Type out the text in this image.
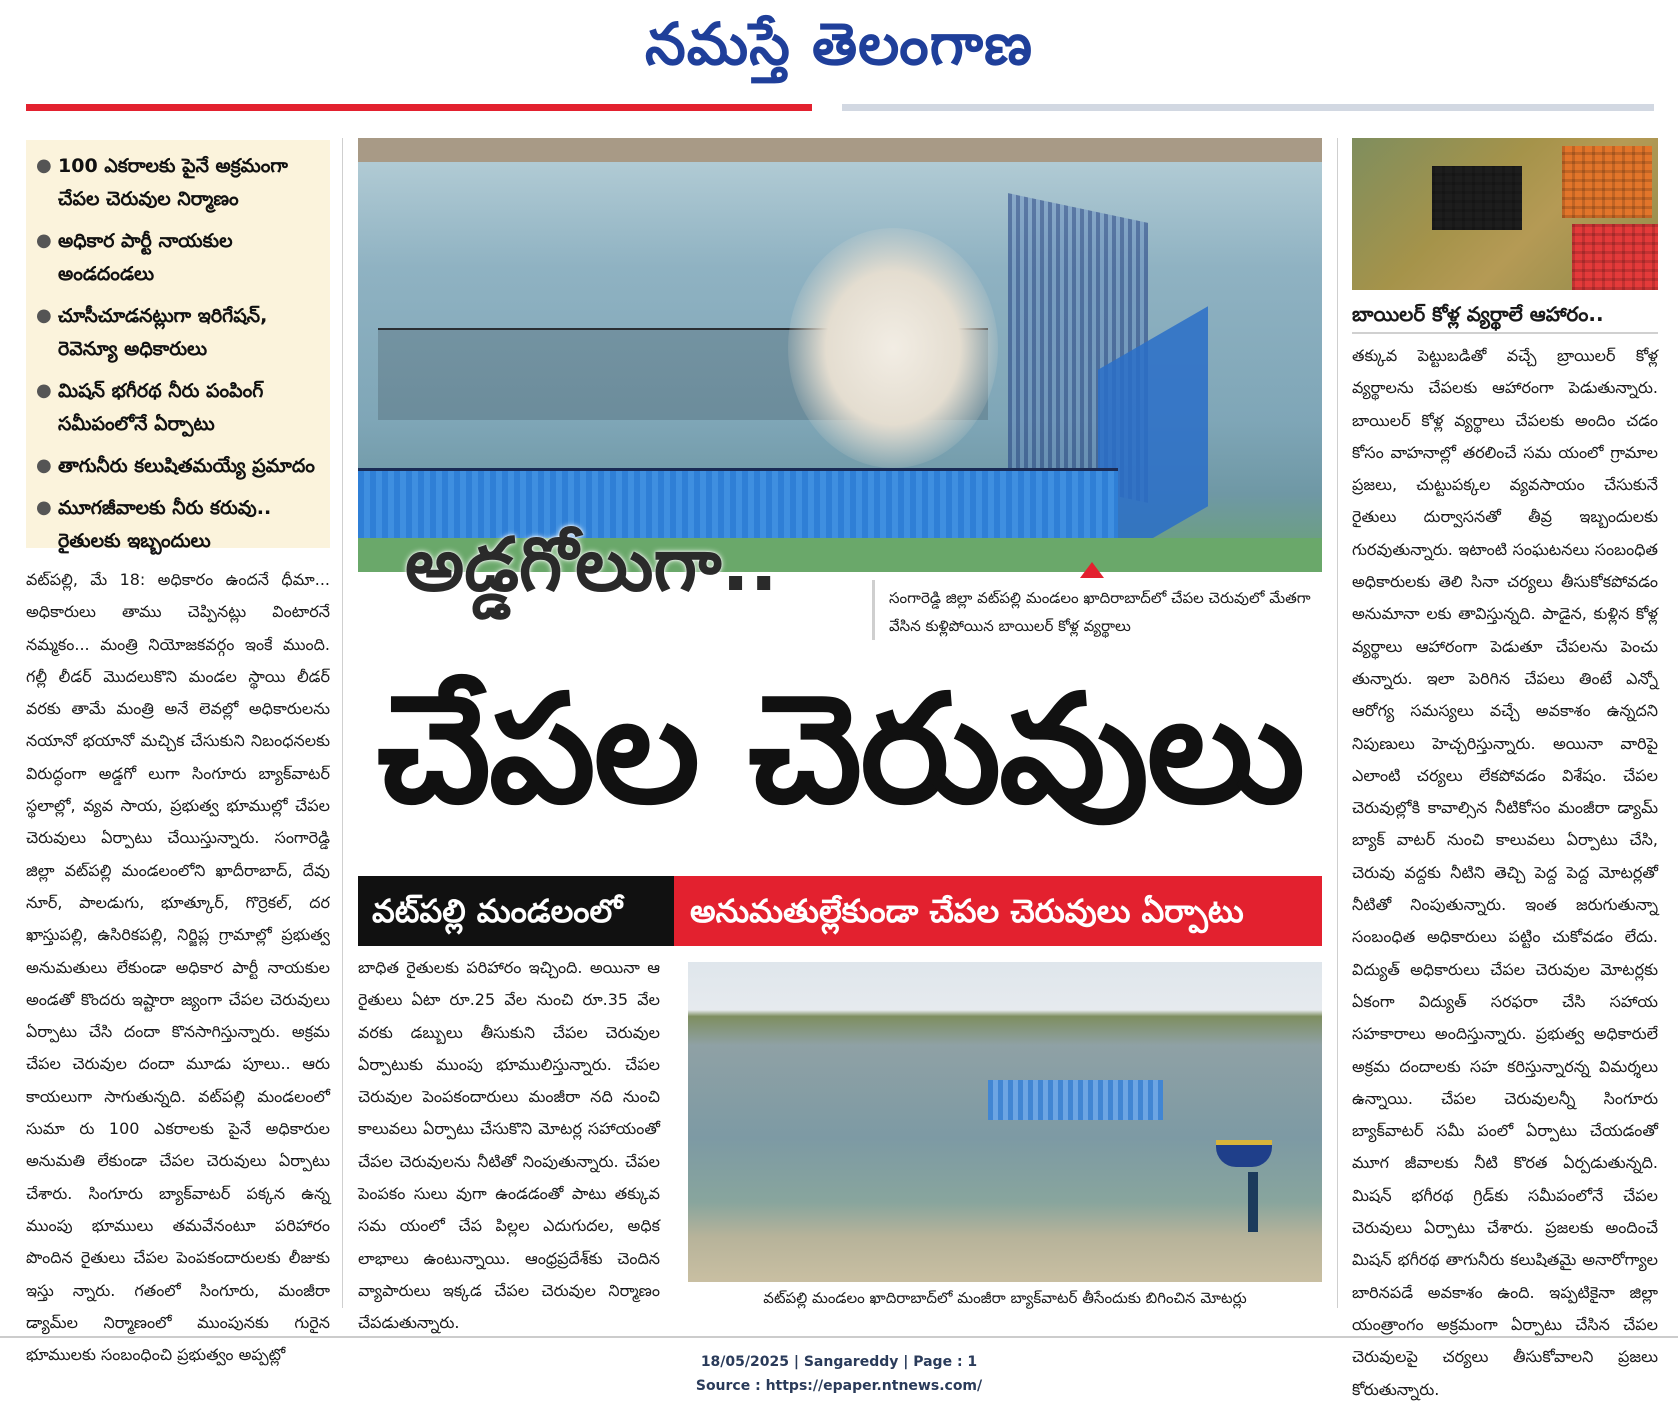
నమస్తే తెలంగాణ
● 100 ఎకరాలకు పైనే అక్రమంగా చేపల చెరువుల నిర్మాణం
● అధికార పార్టీ నాయకుల అండదండలు
● చూసీచూడనట్లుగా ఇరిగేషన్, రెవెన్యూ అధికారులు
● మిషన్ భగీరథ నీరు పంపింగ్ సమీపంలోనే ఏర్పాటు
● తాగునీరు కలుషితమయ్యే ప్రమాదం
● మూగజీవాలకు నీరు కరువు.. రైతులకు ఇబ్బందులు
వట్‌పల్లి, మే 18: అధికారం ఉందనే ధీమా... అధికారులు తాము చెప్పినట్లు వింటారనే నమ్మకం... మంత్రి నియోజకవర్గం ఇంకే ముంది. గల్లీ లీడర్ మొదలుకొని మండల స్థాయి లీడర్ వరకు తామే మంత్రి అనే లెవల్లో అధికారులను నయానో భయానో మచ్చిక చేసుకుని నిబంధనలకు విరుద్ధంగా అడ్డగో లుగా సింగూరు బ్యాక్‌వాటర్ స్థలాల్లో, వ్యవ సాయ, ప్రభుత్వ భూముల్లో చేపల చెరువులు ఏర్పాటు చేయిస్తున్నారు. సంగారెడ్డి జిల్లా వట్‌పల్లి మండలంలోని ఖాదీరాబాద్, దేవు నూర్, పాలడుగు, భూత్కూర్, గొర్రెకల్, దర ఖాస్తుపల్లి, ఉసిరికపల్లి, నిర్జిప్ల గ్రామాల్లో ప్రభుత్వ అనుమతులు లేకుండా అధికార పార్టీ నాయకుల అండతో కొందరు ఇష్టారా జ్యంగా చేపల చెరువులు ఏర్పాటు చేసి దందా కొనసాగిస్తున్నారు. అక్రమ చేపల చెరువుల దందా మూడు పూలు.. ఆరు కాయలుగా సాగుతున్నది. వట్‌పల్లి మండలంలో సుమా రు 100 ఎకరాలకు పైనే అధికారుల అనుమతి లేకుండా చేపల చెరువులు ఏర్పాటు చేశారు. సింగూరు బ్యాక్‌వాటర్ పక్కన ఉన్న ముంపు భూములు తమవేనంటూ పరిహారం పొందిన రైతులు చేపల పెంపకందారులకు లీజుకు ఇస్తు న్నారు. గతంలో సింగూరు, మంజీరా డ్యామ్‌ల నిర్మాణంలో ముంపునకు గురైన భూములకు సంబంధించి ప్రభుత్వం అప్పట్లో
అడ్డగోలుగా..	సంగారెడ్డి జిల్లా వట్‌పల్లి మండలం ఖాదిరాబాద్‌లో చేపల చెరువులో మేతగా వేసిన కుళ్లిపోయిన బాయిలర్ కోళ్ల వ్యర్థాలు
చేపల చెరువులు
వట్‌పల్లి మండలంలో	అనుమతుల్లేకుండా చేపల చెరువులు ఏర్పాటు
బాధిత రైతులకు పరిహారం ఇచ్చింది. అయినా ఆ రైతులు ఏటా రూ.25 వేల నుంచి రూ.35 వేల వరకు డబ్బులు తీసుకుని చేపల చెరువుల ఏర్పాటుకు ముంపు భూములిస్తున్నారు. చేపల చెరువుల పెంపకందారులు మంజీరా నది నుంచి కాలువలు ఏర్పాటు చేసుకొని మోటర్ల సహాయంతో చేపల చెరువులను నీటితో నింపుతున్నారు. చేపల పెంపకం సులు వుగా ఉండడంతో పాటు తక్కువ సమ యంలో చేప పిల్లల ఎదుగుదల, అధిక లాభాలు ఉంటున్నాయి. ఆంధ్రప్రదేశ్‌కు చెందిన వ్యాపారులు ఇక్కడ చేపల చెరువుల నిర్మాణం చేపడుతున్నారు.
వట్‌పల్లి మండలం ఖాదిరాబాద్‌లో మంజీరా బ్యాక్‌వాటర్ తీసేందుకు బిగించిన మోటర్లు
బాయిలర్ కోళ్ల వ్యర్థాలే ఆహారం..
తక్కువ పెట్టుబడితో వచ్చే బ్రాయిలర్ కోళ్ల వ్యర్థాలను చేపలకు ఆహారంగా పెడుతున్నారు. బాయిలర్ కోళ్ల వ్యర్థాలు చేపలకు అందిం చడం కోసం వాహనాల్లో తరలించే సమ యంలో గ్రామాల ప్రజలు, చుట్టుపక్కల వ్యవసాయం చేసుకునే రైతులు దుర్వాసనతో తీవ్ర ఇబ్బందులకు గురవుతున్నారు. ఇటాంటి సంఘటనలు సంబంధిత అధికారులకు తెలి సినా చర్యలు తీసుకోకపోవడం అనుమానా లకు తావిస్తున్నది. పాడైన, కుళ్లిన కోళ్ల వ్యర్థాలు ఆహారంగా పెడుతూ చేపలను పెంచు తున్నారు. ఇలా పెరిగిన చేపలు తింటే ఎన్నో ఆరోగ్య సమస్యలు వచ్చే అవకాశం ఉన్నదని నిపుణులు హెచ్చరిస్తున్నారు. అయినా వారిపై ఎలాంటి చర్యలు లేకపోవడం విశేషం. చేపల చెరువుల్లోకి కావాల్సిన నీటికోసం మంజీరా డ్యామ్ బ్యాక్ వాటర్ నుంచి కాలువలు ఏర్పాటు చేసి, చెరువు వద్దకు నీటిని తెచ్చి పెద్ద పెద్ద మోటర్లతో నీటితో నింపుతున్నారు. ఇంత జరుగుతున్నా సంబంధిత అధికారులు పట్టిం చుకోవడం లేదు. విద్యుత్ అధికారులు చేపల చెరువుల మోటర్లకు ఏకంగా విద్యుత్ సరఫరా చేసి సహాయ సహకారాలు అందిస్తున్నారు. ప్రభుత్వ అధికారులే అక్రమ దందాలకు సహ కరిస్తున్నారన్న విమర్శలు ఉన్నాయి. చేపల చెరువులన్నీ సింగూరు బ్యాక్‌వాటర్ సమీ పంలో ఏర్పాటు చేయడంతో మూగ జీవాలకు నీటి కొరత ఏర్పడుతున్నది. మిషన్ భగీరథ గ్రిడ్‌కు సమీపంలోనే చేపల చెరువులు ఏర్పాటు చేశారు. ప్రజలకు అందించే మిషన్ భగీరథ తాగునీరు కలుషితమై అనారోగ్యాల బారినపడే అవకాశం ఉంది. ఇప్పటికైనా జిల్లా యంత్రాంగం అక్రమంగా ఏర్పాటు చేసిన చేపల చెరువులపై చర్యలు తీసుకోవాలని ప్రజలు కోరుతున్నారు.
18/05/2025 | Sangareddy | Page : 1
Source : https://epaper.ntnews.com/
